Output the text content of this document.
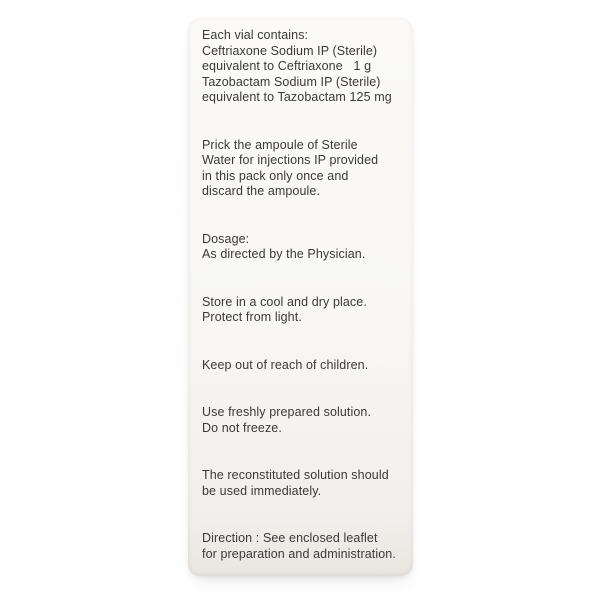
Each vial contains:
Ceftriaxone Sodium IP (Sterile)
equivalent to Ceftriaxone   1 g
Tazobactam Sodium IP (Sterile)
equivalent to Tazobactam 125 mg
Prick the ampoule of Sterile
Water for injections IP provided
in this pack only once and
discard the ampoule.
Dosage:
As directed by the Physician.
Store in a cool and dry place.
Protect from light.
Keep out of reach of children.
Use freshly prepared solution.
Do not freeze.
The reconstituted solution should
be used immediately.
Direction : See enclosed leaflet
for preparation and administration.
